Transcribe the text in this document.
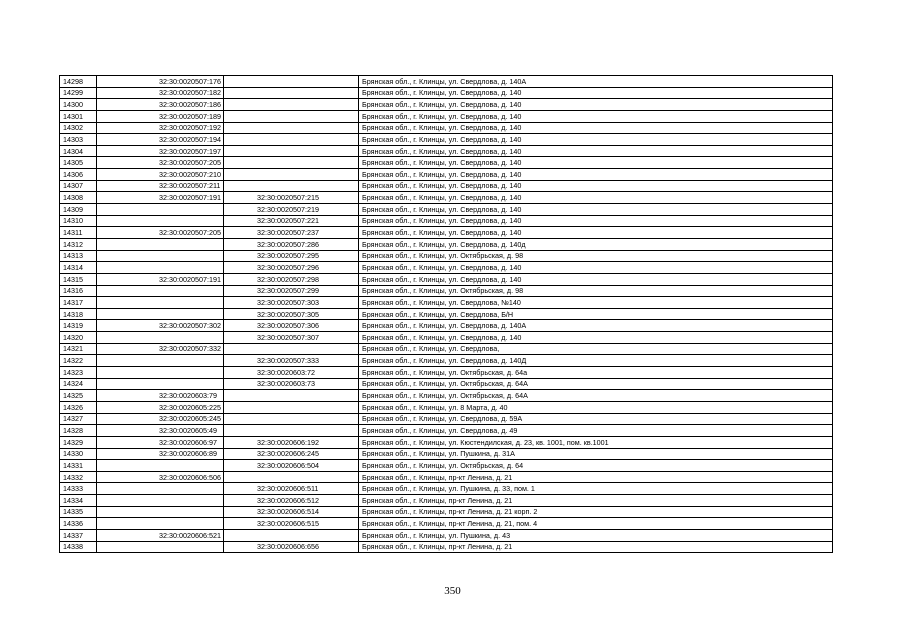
14298	32:30:0020507:176		Брянская обл., г. Клинцы, ул. Свердлова, д. 140А
14299	32:30:0020507:182		Брянская обл., г. Клинцы, ул. Свердлова, д. 140
14300	32:30:0020507:186		Брянская обл., г. Клинцы, ул. Свердлова, д. 140
14301	32:30:0020507:189		Брянская обл., г. Клинцы, ул. Свердлова, д. 140
14302	32:30:0020507:192		Брянская обл., г. Клинцы, ул. Свердлова, д. 140
14303	32:30:0020507:194		Брянская обл., г. Клинцы, ул. Свердлова, д. 140
14304	32:30:0020507:197		Брянская обл., г. Клинцы, ул. Свердлова, д. 140
14305	32:30:0020507:205		Брянская обл., г. Клинцы, ул. Свердлова, д. 140
14306	32:30:0020507:210		Брянская обл., г. Клинцы, ул. Свердлова, д. 140
14307	32:30:0020507:211		Брянская обл., г. Клинцы, ул. Свердлова, д. 140
14308	32:30:0020507:191	32:30:0020507:215	Брянская обл., г. Клинцы, ул. Свердлова, д. 140
14309		32:30:0020507:219	Брянская обл., г. Клинцы, ул. Свердлова, д. 140
14310		32:30:0020507:221	Брянская обл., г. Клинцы, ул. Свердлова, д. 140
14311	32:30:0020507:205	32:30:0020507:237	Брянская обл., г. Клинцы, ул. Свердлова, д. 140
14312		32:30:0020507:286	Брянская обл., г. Клинцы, ул. Свердлова, д. 140д
14313		32:30:0020507:295	Брянская обл., г. Клинцы, ул. Октябрьская, д. 98
14314		32:30:0020507:296	Брянская обл., г. Клинцы, ул. Свердлова, д. 140
14315	32:30:0020507:191	32:30:0020507:298	Брянская обл., г. Клинцы, ул. Свердлова, д. 140
14316		32:30:0020507:299	Брянская обл., г. Клинцы, ул. Октябрьская, д. 98
14317		32:30:0020507:303	Брянская обл., г. Клинцы, ул. Свердлова, №140
14318		32:30:0020507:305	Брянская обл., г. Клинцы, ул. Свердлова, Б/Н
14319	32:30:0020507:302	32:30:0020507:306	Брянская обл., г. Клинцы, ул. Свердлова, д. 140А
14320		32:30:0020507:307	Брянская обл., г. Клинцы, ул. Свердлова, д. 140
14321	32:30:0020507:332		Брянская обл., г. Клинцы, ул. Свердлова,
14322		32:30:0020507:333	Брянская обл., г. Клинцы, ул. Свердлова, д. 140Д
14323		32:30:0020603:72	Брянская обл., г. Клинцы, ул. Октябрьская, д. 64а
14324		32:30:0020603:73	Брянская обл., г. Клинцы, ул. Октябрьская, д. 64А
14325	32:30:0020603:79		Брянская обл., г. Клинцы, ул. Октябрьская, д. 64А
14326	32:30:0020605:225		Брянская обл., г. Клинцы, ул. 8 Марта, д. 40
14327	32:30:0020605:245		Брянская обл., г. Клинцы, ул. Свердлова, д. 59А
14328	32:30:0020605:49		Брянская обл., г. Клинцы, ул. Свердлова, д. 49
14329	32:30:0020606:97	32:30:0020606:192	Брянская обл., г. Клинцы, ул. Кюстендилская, д. 23, кв. 1001, пом. кв.1001
14330	32:30:0020606:89	32:30:0020606:245	Брянская обл., г. Клинцы, ул. Пушкина, д. 31А
14331		32:30:0020606:504	Брянская обл., г. Клинцы, ул. Октябрьская, д. 64
14332	32:30:0020606:506		Брянская обл., г. Клинцы, пр-кт Ленина, д. 21
14333		32:30:0020606:511	Брянская обл., г. Клинцы, ул. Пушкина, д. 33, пом. 1
14334		32:30:0020606:512	Брянская обл., г. Клинцы, пр-кт Ленина, д. 21
14335		32:30:0020606:514	Брянская обл., г. Клинцы, пр-кт Ленина, д. 21 корп. 2
14336		32:30:0020606:515	Брянская обл., г. Клинцы, пр-кт Ленина, д. 21, пом. 4
14337	32:30:0020606:521		Брянская обл., г. Клинцы, ул. Пушкина, д. 43
14338		32:30:0020606:656	Брянская обл., г. Клинцы, пр-кт Ленина, д. 21
350
